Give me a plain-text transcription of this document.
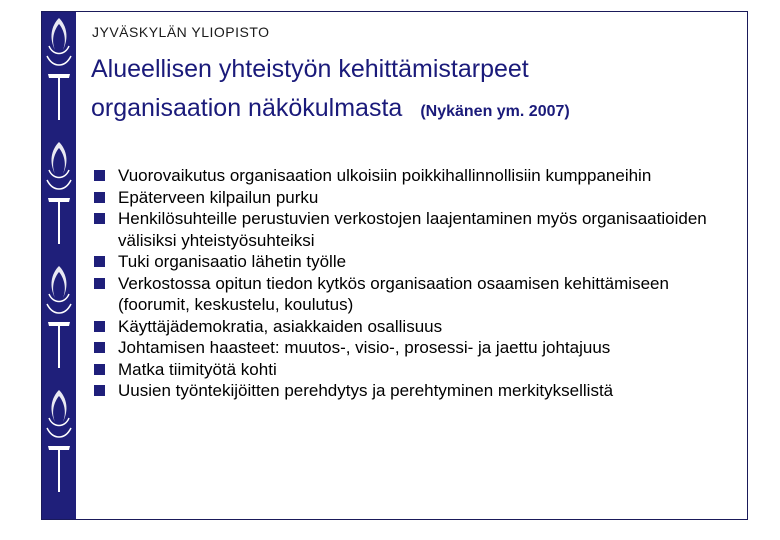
JYVÄSKYLÄN YLIOPISTO
Alueellisen yhteistyön kehittämistarpeet
organisaation näkökulmasta (Nykänen ym. 2007)
Vuorovaikutus organisaation ulkoisiin poikkihallinnollisiin kumppaneihin
Epäterveen kilpailun purku
Henkilösuhteille perustuvien verkostojen laajentaminen myös organisaatioiden välisiksi yhteistyösuhteiksi
Tuki organisaatio lähetin työlle
Verkostossa opitun tiedon kytkös organisaation osaamisen kehittämiseen (foorumit, keskustelu, koulutus)
Käyttäjädemokratia, asiakkaiden osallisuus
Johtamisen haasteet: muutos-, visio-, prosessi- ja jaettu johtajuus
Matka tiimityötä kohti
Uusien työntekijöitten perehdytys ja perehtyminen merkityksellistä
